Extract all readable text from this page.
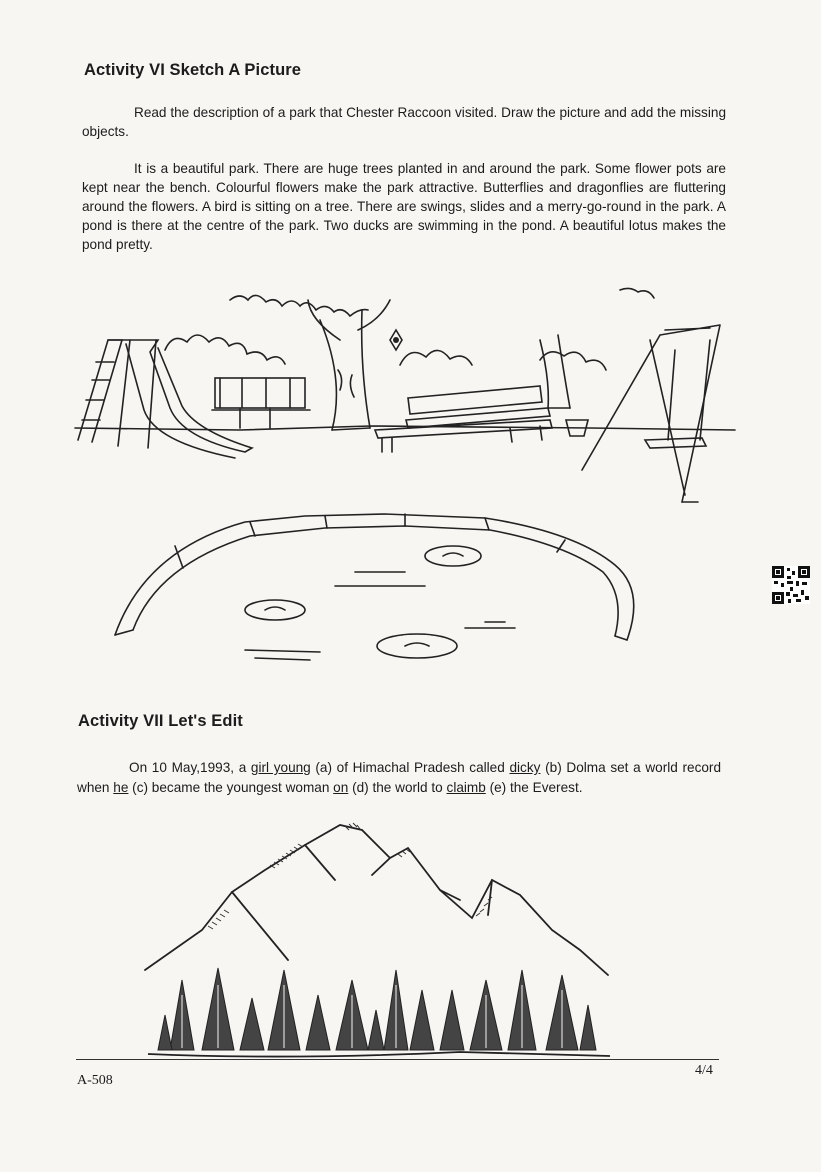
Activity VI Sketch A Picture
Read the description of a park that Chester Raccoon visited. Draw the picture and add the missing objects.
It is a beautiful park. There are huge trees planted in and around the park. Some flower pots are kept near the bench. Colourful flowers make the park attractive. Butterflies and dragonflies are fluttering around the flowers. A bird is sitting on a tree. There are swings, slides and a merry-go-round in the park. A pond is there at the centre of the park. Two ducks are swimming in the pond. A beautiful lotus makes the pond pretty.
Activity VII Let's Edit
On 10 May,1993, a girl young (a) of Himachal Pradesh called dicky (b) Dolma set a world record when he (c) became the youngest woman on (d) the world to claimb (e) the Everest.
A-508
4/4
